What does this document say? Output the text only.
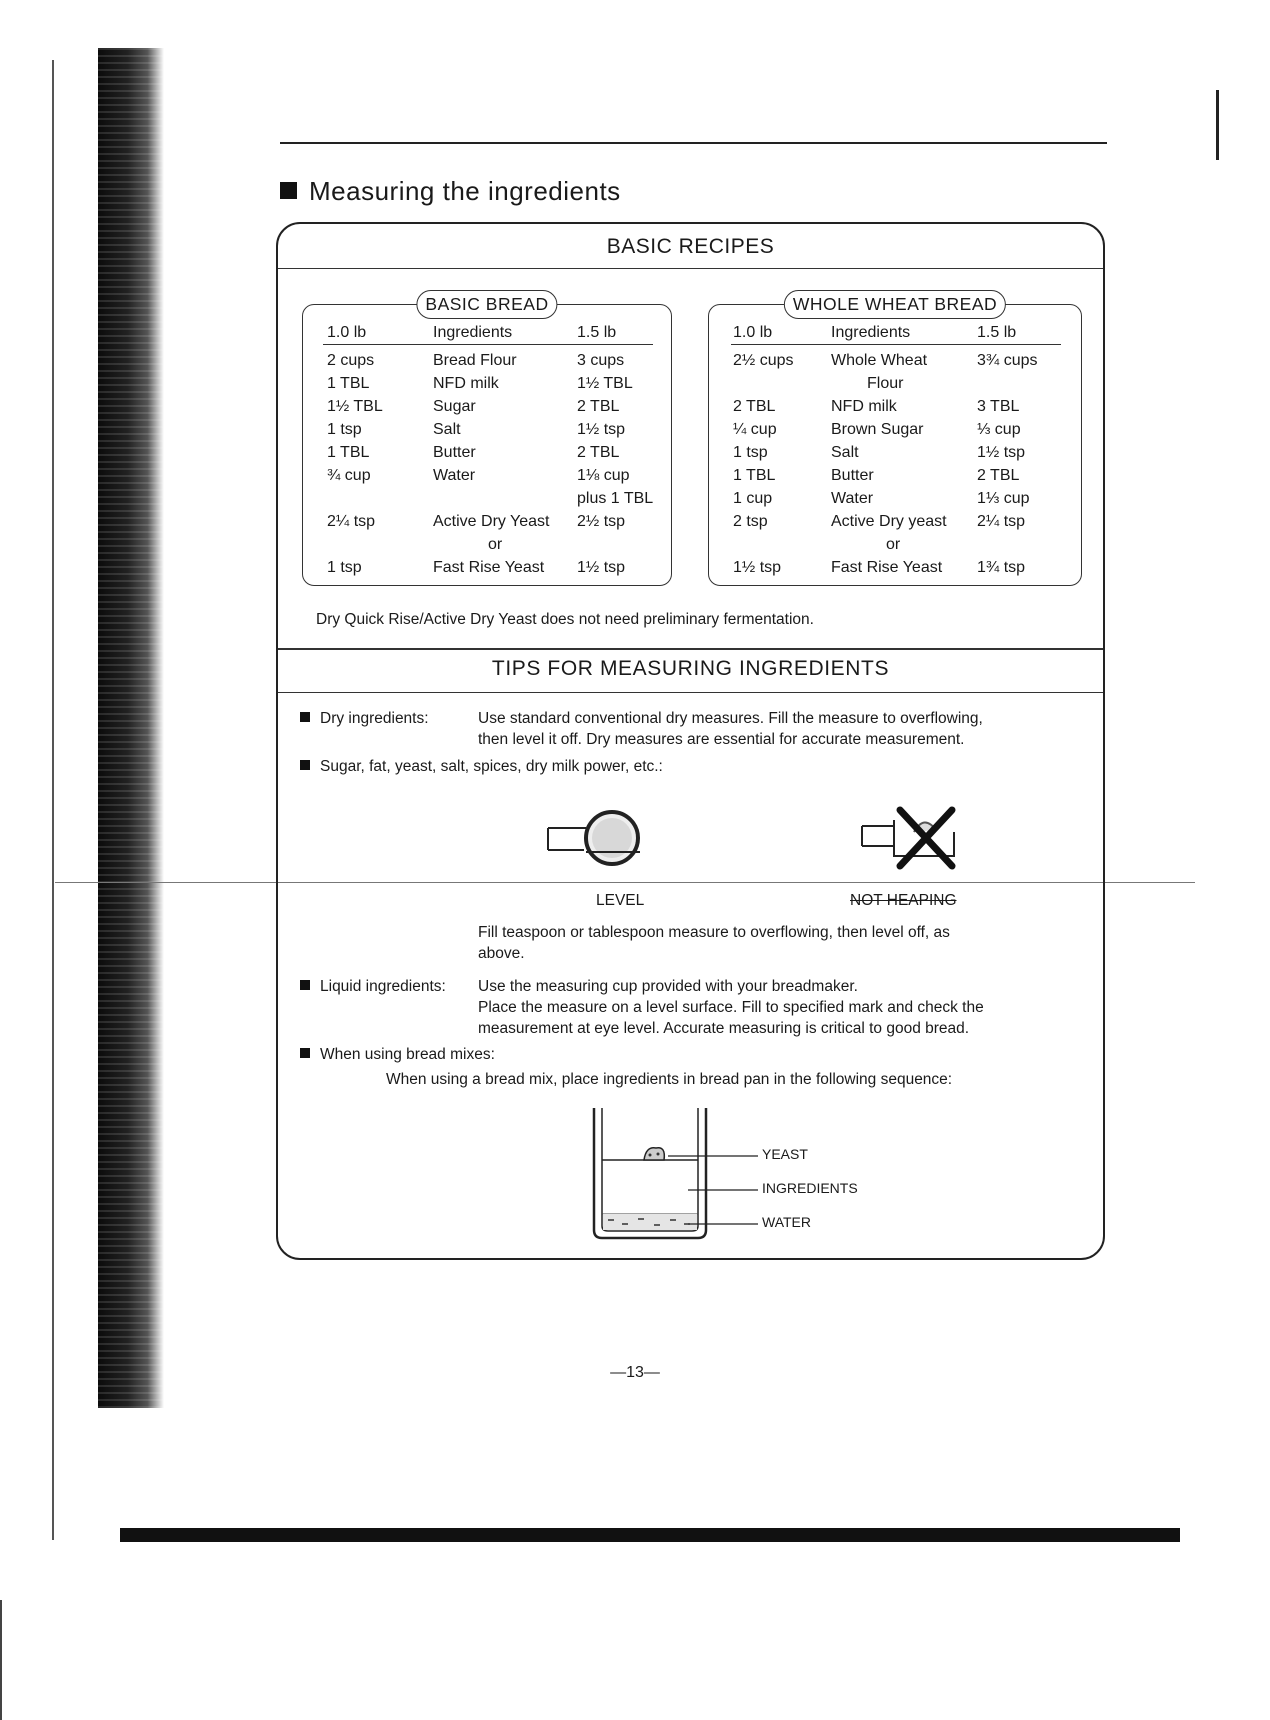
Measuring the ingredients
BASIC RECIPES
BASIC BREAD
1.0 lb	Ingredients	1.5 lb
2 cups	Bread Flour	3 cups
1 TBL	NFD milk	1½ TBL
1½ TBL	Sugar	2 TBL
1 tsp	Salt	1½ tsp
1 TBL	Butter	2 TBL
¾ cup	Water	1⅛ cup
plus 1 TBL
2¼ tsp	Active Dry Yeast 2½ tsp
or
1 tsp	Fast Rise Yeast 1½ tsp
WHOLE WHEAT BREAD
1.0 lb	Ingredients	1.5 lb
2½ cups Whole Wheat	3¾ cups
Flour
2 TBL	NFD milk	3 TBL
¼ cup	Brown Sugar	⅓ cup
1 tsp	Salt	1½ tsp
1 TBL	Butter	2 TBL
1 cup	Water	1⅓ cup
2 tsp	Active Dry yeast 2¼ tsp
or
1½ tsp	Fast Rise Yeast 1¾ tsp
Dry Quick Rise/Active Dry Yeast does not need preliminary fermentation.
TIPS FOR MEASURING INGREDIENTS
Dry ingredients:	Use standard conventional dry measures. Fill the measure to overflowing,
then level it off. Dry measures are essential for accurate measurement.
Sugar, fat, yeast, salt, spices, dry milk power, etc.:
LEVEL	NOT HEAPING
Fill teaspoon or tablespoon measure to overflowing, then level off, as
above.
Liquid ingredients: Use the measuring cup provided with your breadmaker.
Place the measure on a level surface. Fill to specified mark and check the
measurement at eye level. Accurate measuring is critical to good bread.
When using bread mixes:
When using a bread mix, place ingredients in bread pan in the following sequence:
YEAST
INGREDIENTS
WATER
—13—
